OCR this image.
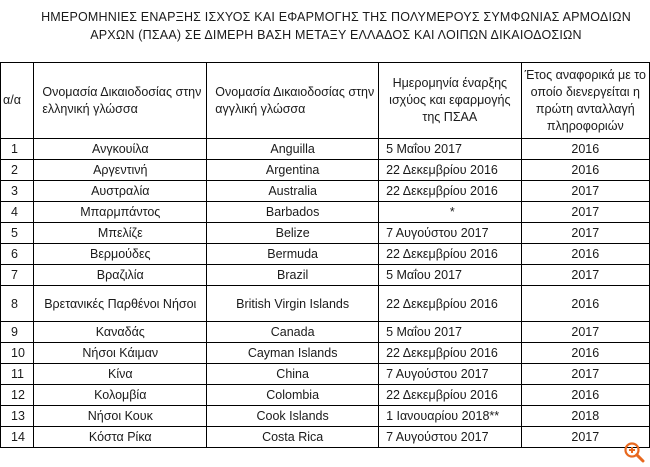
ΗΜΕΡΟΜΗΝΙΕΣ ΕΝΑΡΞΗΣ ΙΣΧΥΟΣ ΚΑΙ ΕΦΑΡΜΟΓΗΣ ΤΗΣ ΠΟΛΥΜΕΡΟΥΣ ΣΥΜΦΩΝΙΑΣ ΑΡΜΟΔΙΩΝ
ΑΡΧΩΝ (ΠΣΑΑ) ΣΕ ΔΙΜΕΡΗ ΒΑΣΗ ΜΕΤΑΞΥ ΕΛΛΑΔΟΣ ΚΑΙ ΛΟΙΠΩΝ ΔΙΚΑΙΟΔΟΣΙΩΝ
α/α	Ονομασία Δικαιοδοσίας στην ελληνική γλώσσα	Ονομασία Δικαιοδοσίας στην αγγλική γλώσσα	Ημερομηνία έναρξης ισχύος και εφαρμογής της ΠΣΑΑ	Έτος αναφορικά με το οποίο διενεργείται η πρώτη ανταλλαγή πληροφοριών
1	Ανγκουίλα	Anguilla	5 Μαΐου 2017	2016
2	Αργεντινή	Argentina	22 Δεκεμβρίου 2016	2016
3	Αυστραλία	Australia	22 Δεκεμβρίου 2016	2017
4	Μπαρμπάντος	Barbados	*	2017
5	Μπελίζε	Belize	7 Αυγούστου 2017	2017
6	Βερμούδες	Bermuda	22 Δεκεμβρίου 2016	2016
7	Βραζιλία	Brazil	5 Μαΐου 2017	2017
8	Βρετανικές Παρθένοι Νήσοι	British Virgin Islands	22 Δεκεμβρίου 2016	2016
9	Καναδάς	Canada	5 Μαΐου 2017	2017
10	Νήσοι Κάιμαν	Cayman Islands	22 Δεκεμβρίου 2016	2016
11	Κίνα	China	7 Αυγούστου 2017	2017
12	Κολομβία	Colombia	22 Δεκεμβρίου 2016	2016
13	Νήσοι Κουκ	Cook Islands	1 Ιανουαρίου 2018**	2018
14	Κόστα Ρίκα	Costa Rica	7 Αυγούστου 2017	2017
